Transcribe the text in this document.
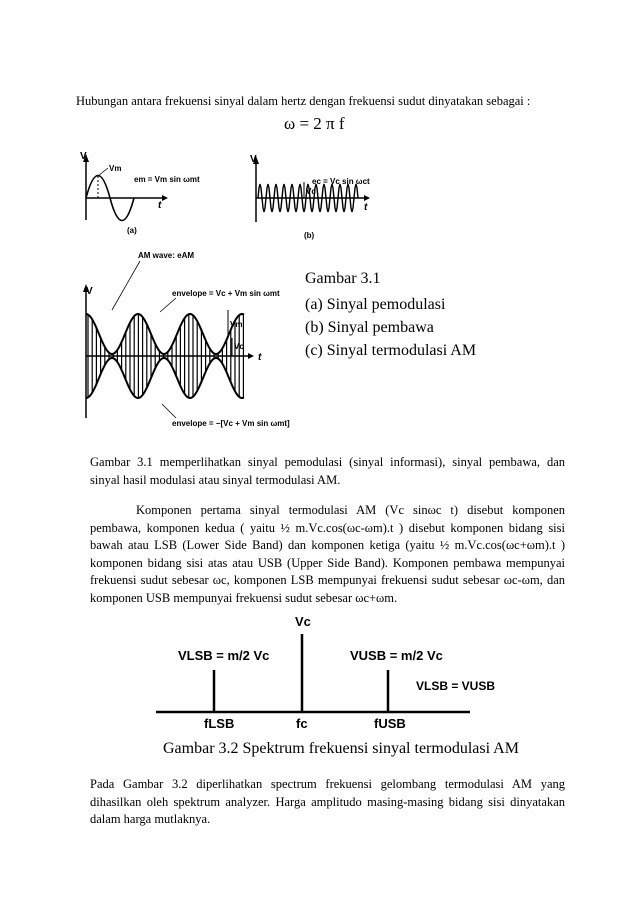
Hubungan antara frekuensi sinyal dalam hertz dengan frekuensi sudut dinyatakan sebagai :
ω = 2 π f
V
t
Vm
em = Vm sin ωmt
(a)
V
t
Vc
ec = Vc sin ωct
(b)
AM wave: eAM
V
t
envelope = Vc + Vm sin ωmt
Vm
Vc
envelope = −[Vc + Vm sin ωmt]
Gambar 3.1
(a) Sinyal pemodulasi
(b) Sinyal pembawa
(c) Sinyal termodulasi AM
Gambar 3.1 memperlihatkan sinyal pemodulasi (sinyal informasi), sinyal pembawa, dan
sinyal hasil modulasi atau sinyal termodulasi AM.
Komponen pertama sinyal termodulasi AM (Vc sinωc t) disebut komponen
pembawa, komponen kedua ( yaitu ½ m.Vc.cos(ωc-ωm).t ) disebut komponen bidang sisi
bawah atau LSB (Lower Side Band) dan komponen ketiga (yaitu ½ m.Vc.cos(ωc+ωm).t )
komponen bidang sisi atas atau USB (Upper Side Band). Komponen pembawa mempunyai
frekuensi sudut sebesar ωc, komponen LSB mempunyai frekuensi sudut sebesar ωc-ωm, dan
komponen USB mempunyai frekuensi sudut sebesar ωc+ωm.
Vc
VLSB = m/2 Vc	VUSB = m/2 Vc
VLSB = VUSB
fLSB	fc	fUSB
Gambar 3.2 Spektrum frekuensi sinyal termodulasi AM
Pada Gambar 3.2 diperlihatkan spectrum frekuensi gelombang termodulasi AM yang
dihasilkan oleh spektrum analyzer. Harga amplitudo masing-masing bidang sisi dinyatakan
dalam harga mutlaknya.
